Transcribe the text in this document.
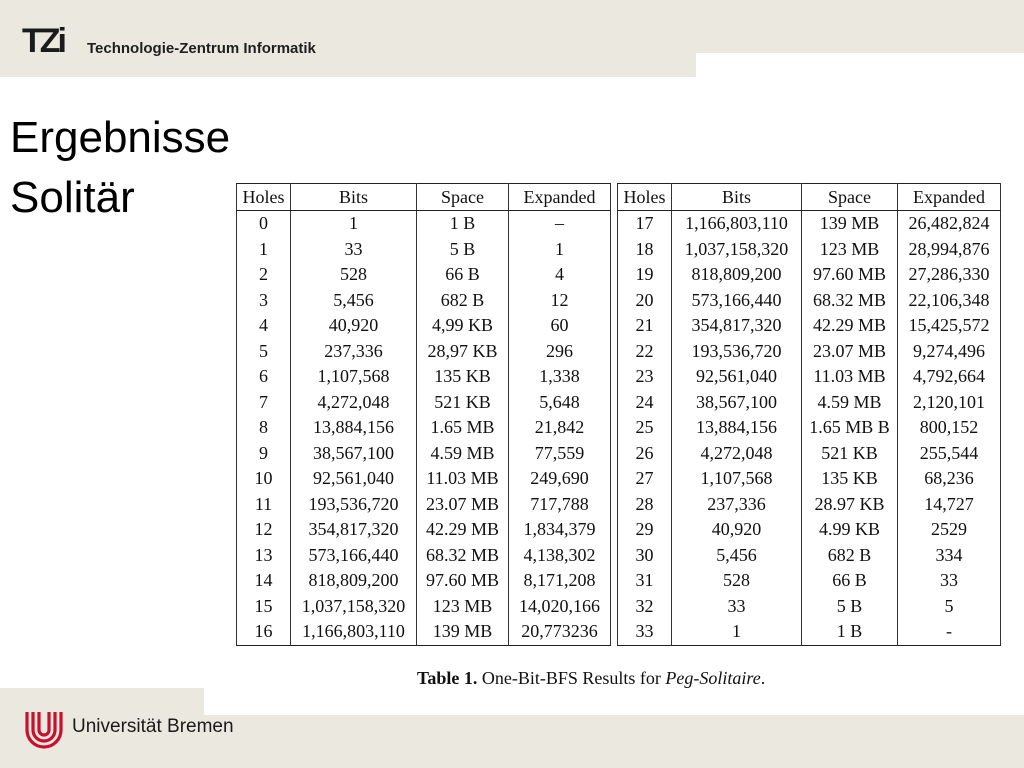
TZi Technologie-Zentrum Informatik
Ergebnisse
Solitär	Holes	Bits	Space	Expanded
0	1	1 B	–
1	33	5 B	1
2	528	66 B	4
3	5,456	682 B	12
4	40,920	4,99 KB	60
5	237,336	28,97 KB	296
6	1,107,568	135 KB	1,338
7	4,272,048	521 KB	5,648
8	13,884,156	1.65 MB	21,842
9	38,567,100	4.59 MB	77,559
10	92,561,040	11.03 MB	249,690
11	193,536,720	23.07 MB	717,788
12	354,817,320	42.29 MB	1,834,379
13	573,166,440	68.32 MB	4,138,302
14	818,809,200	97.60 MB	8,171,208
15	1,037,158,320	123 MB	14,020,166
16	1,166,803,110	139 MB	20,773236
Holes	Bits	Space	Expanded
17	1,166,803,110	139 MB	26,482,824
18	1,037,158,320	123 MB	28,994,876
19	818,809,200	97.60 MB	27,286,330
20	573,166,440	68.32 MB	22,106,348
21	354,817,320	42.29 MB	15,425,572
22	193,536,720	23.07 MB	9,274,496
23	92,561,040	11.03 MB	4,792,664
24	38,567,100	4.59 MB	2,120,101
25	13,884,156	1.65 MB B	800,152
26	4,272,048	521 KB	255,544
27	1,107,568	135 KB	68,236
28	237,336	28.97 KB	14,727
29	40,920	4.99 KB	2529
30	5,456	682 B	334
31	528	66 B	33
32	33	5 B	5
33	1	1 B	-
Table 1. One-Bit-BFS Results for Peg-Solitaire.
Universität Bremen
